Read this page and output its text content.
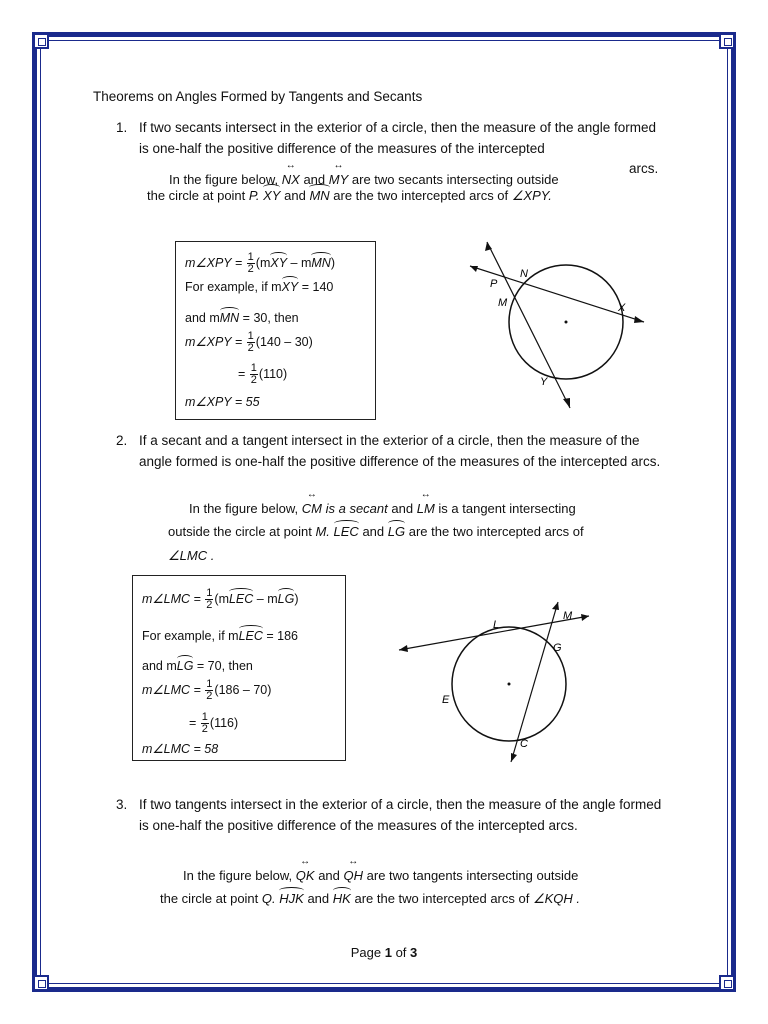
Theorems on Angles Formed by Tangents and Secants
1. If two secants intersect in the exterior of a circle, then the measure of the angle formed is one-half the positive difference of the measures of the intercepted
arcs.
In the figure below, ↔ NX and ↔ MY are two secants intersecting outside
the circle at point P. XY and MN are the two intercepted arcs of ∠XPY.
m∠XPY = $\frac{1}{2} (mXY - mMN)$
For example, if mXY = 140
and mMN = 30, then
m∠XPY = $\frac{1}{2} (140 - 30)$
= $\frac{1}{2} (110)$
m∠XPY = 55
N
P
M	X
Y
2. If a secant and a tangent intersect in the exterior of a circle, then the measure of the angle formed is one-half the positive difference of the measures of the intercepted arcs.
In the figure below, ↔ CM is a secant and ↔ LM is a tangent intersecting
outside the circle at point M. LEC and LG are the two intercepted arcs of
∠LMC .
m∠LMC = $\frac{1}{2}$ (mLEC – mLG)
For example, if mLEC = 186
and mLG = 70, then
m∠LMC = $\frac{1}{2} (186 - 70)$
= $\frac{1}{2} (116)$
m∠LMC = 58
L
M
G
E
C
3. If two tangents intersect in the exterior of a circle, then the measure of the angle formed is one-half the positive difference of the measures of the intercepted arcs.
In the figure below, ↔ QK and ↔ QH are two tangents intersecting outside
the circle at point Q. HJK and HK are the two intercepted arcs of ∠KQH .
Page 1 of 3
